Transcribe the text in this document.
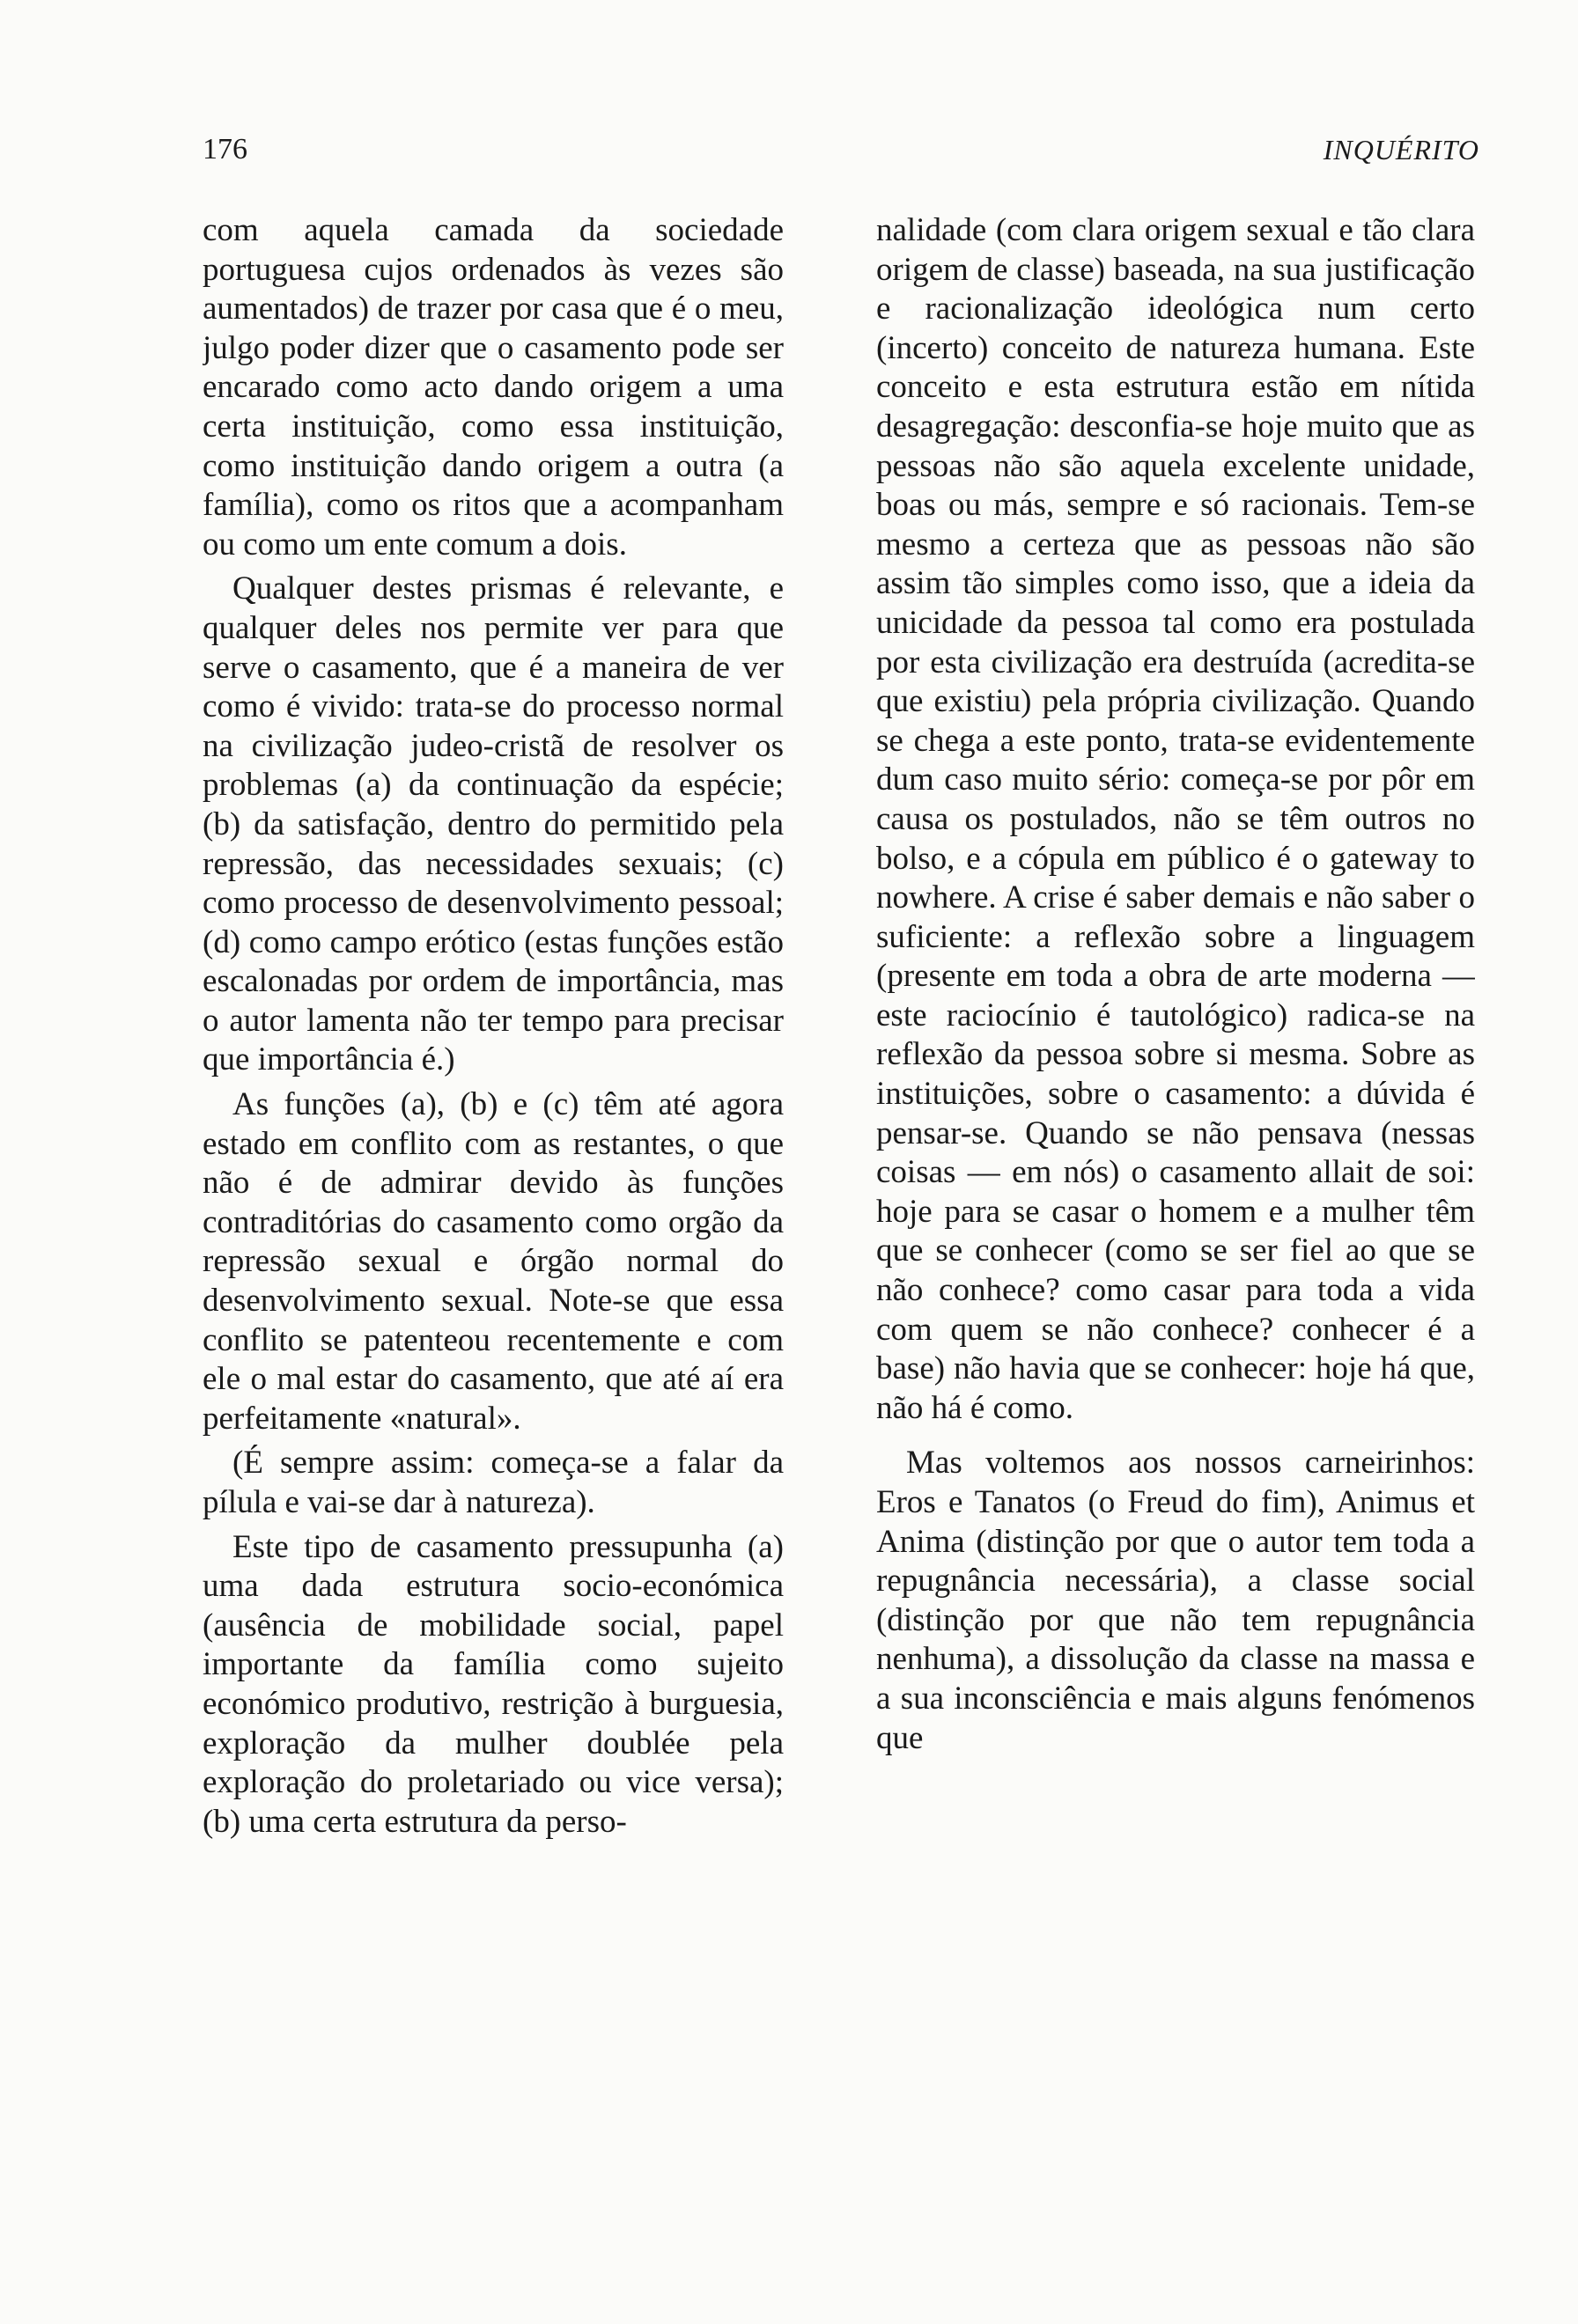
176	INQUÉRITO

com aquela camada da sociedade portuguesa cujos ordenados às vezes são aumentados) de trazer por casa que é o meu, julgo poder dizer que o casamento pode ser encarado como acto dando origem a uma certa instituição, como essa instituição, como instituição dando origem a outra (a família), como os ritos que a acompanham ou como um ente comum a dois.

Qualquer destes prismas é relevante, e qualquer deles nos permite ver para que serve o casamento, que é a maneira de ver como é vivido: trata-se do processo normal na civilização judeo-cristã de resolver os problemas (a) da continuação da espécie; (b) da satisfação, dentro do permitido pela repressão, das necessidades sexuais; (c) como processo de desenvolvimento pessoal; (d) como campo erótico (estas funções estão escalonadas por ordem de importância, mas o autor lamenta não ter tempo para precisar que importância é.)

As funções (a), (b) e (c) têm até agora estado em conflito com as restantes, o que não é de admirar devido às funções contraditórias do casamento como orgão da repressão sexual e órgão normal do desenvolvimento sexual. Note-se que essa conflito se patenteou recentemente e com ele o mal estar do casamento, que até aí era perfeitamente «natural».

(É sempre assim: começa-se a falar da pílula e vai-se dar à natureza).

Este tipo de casamento pressupunha (a) uma dada estrutura socio-económica (ausência de mobilidade social, papel importante da família como sujeito económico produtivo, restrição à burguesia, exploração da mulher doublée pela exploração do proletariado ou vice versa); (b) uma certa estrutura da perso-

nalidade (com clara origem sexual e tão clara origem de classe) baseada, na sua justificação e racionalização ideológica num certo (incerto) conceito de natureza humana. Este conceito e esta estrutura estão em nítida desagregação: desconfia-se hoje muito que as pessoas não são aquela excelente unidade, boas ou más, sempre e só racionais. Tem-se mesmo a certeza que as pessoas não são assim tão simples como isso, que a ideia da unicidade da pessoa tal como era postulada por esta civilização era destruída (acredita-se que existiu) pela própria civilização. Quando se chega a este ponto, trata-se evidentemente dum caso muito sério: começa-se por pôr em causa os postulados, não se têm outros no bolso, e a cópula em público é o gateway to nowhere. A crise é saber demais e não saber o suficiente: a reflexão sobre a linguagem (presente em toda a obra de arte moderna — este raciocínio é tautológico) radica-se na reflexão da pessoa sobre si mesma. Sobre as instituições, sobre o casamento: a dúvida é pensar-se. Quando se não pensava (nessas coisas — em nós) o casamento allait de soi: hoje para se casar o homem e a mulher têm que se conhecer (como se ser fiel ao que se não conhece? como casar para toda a vida com quem se não conhece? conhecer é a base) não havia que se conhecer: hoje há que, não há é como.

Mas voltemos aos nossos carneirinhos: Eros e Tanatos (o Freud do fim), Animus et Anima (distinção por que o autor tem toda a repugnância necessária), a classe social (distinção por que não tem repugnância nenhuma), a dissolução da classe na massa e a sua inconsciência e mais alguns fenómenos que
